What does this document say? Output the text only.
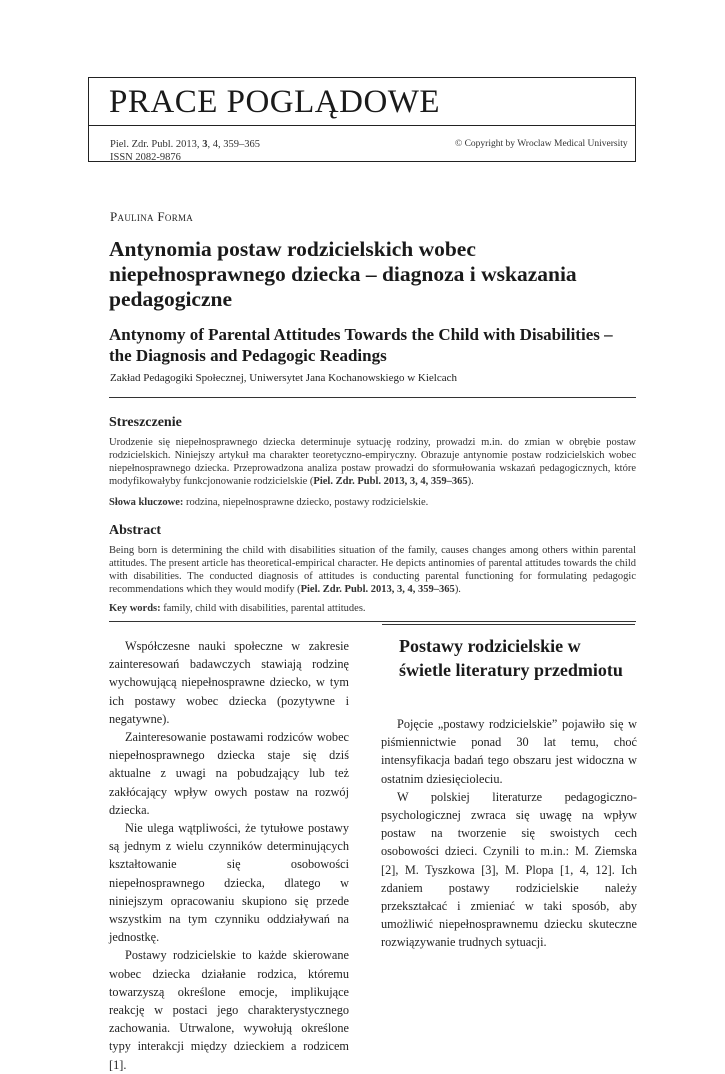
PRACE POGLĄDOWE
Piel. Zdr. Publ. 2013, 3, 4, 359–365
ISSN 2082-9876
© Copyright by Wroclaw Medical University
Paulina Forma
Antynomia postaw rodzicielskich wobec niepełnosprawnego dziecka – diagnoza i wskazania pedagogiczne
Antynomy of Parental Attitudes Towards the Child with Disabilities – the Diagnosis and Pedagogic Readings
Zakład Pedagogiki Społecznej, Uniwersytet Jana Kochanowskiego w Kielcach
Streszczenie
Urodzenie się niepełnosprawnego dziecka determinuje sytuację rodziny, prowadzi m.in. do zmian w obrębie postaw rodzicielskich. Niniejszy artykuł ma charakter teoretyczno-empiryczny. Obrazuje antynomie postaw rodzicielskich wobec niepełnosprawnego dziecka. Przeprowadzona analiza postaw prowadzi do sformułowania wskazań pedagogicznych, które modyfikowałyby funkcjonowanie rodzicielskie (Piel. Zdr. Publ. 2013, 3, 4, 359–365).
Słowa kluczowe: rodzina, niepełnosprawne dziecko, postawy rodzicielskie.
Abstract
Being born is determining the child with disabilities situation of the family, causes changes among others within parental attitudes. The present article has theoretical-empirical character. He depicts antinomies of parental attitudes towards the child with disabilities. The conducted diagnosis of attitudes is conducting parental functioning for formulating pedagogic recommendations which they would modify (Piel. Zdr. Publ. 2013, 3, 4, 359–365).
Key words: family, child with disabilities, parental attitudes.

Współczesne nauki społeczne w zakresie zainteresowań badawczych stawiają rodzinę wychowującą niepełnosprawne dziecko, w tym ich postawy wobec dziecka (pozytywne i negatywne).

Zainteresowanie postawami rodziców wobec niepełnosprawnego dziecka staje się dziś aktualne z uwagi na pobudzający lub też zakłócający wpływ owych postaw na rozwój dziecka.

Nie ulega wątpliwości, że tytułowe postawy są jednym z wielu czynników determinujących kształtowanie się osobowości niepełnosprawnego dziecka, dlatego w niniejszym opracowaniu skupiono się przede wszystkim na tym czynniku oddziaływań na jednostkę.

Postawy rodzicielskie to każde skierowane wobec dziecka działanie rodzica, któremu towarzyszą określone emocje, implikujące reakcję w postaci jego charakterystycznego zachowania. Utrwalone, wywołują określone typy interakcji między dzieckiem a rodzicem [1].

Postawy rodzicielskie w świetle literatury przedmiotu

Pojęcie „postawy rodzicielskie” pojawiło się w piśmiennictwie ponad 30 lat temu, choć intensyfikacja badań tego obszaru jest widoczna w ostatnim dziesięcioleciu.

W polskiej literaturze pedagogiczno-psychologicznej zwraca się uwagę na wpływ postaw na tworzenie się swoistych cech osobowości dzieci. Czynili to m.in.: M. Ziemska [2], M. Tyszkowa [3], M. Plopa [1, 4, 12]. Ich zdaniem postawy rodzicielskie należy przekształcać i zmieniać w taki sposób, aby umożliwić niepełnosprawnemu dziecku skuteczne rozwiązywanie trudnych sytuacji.
